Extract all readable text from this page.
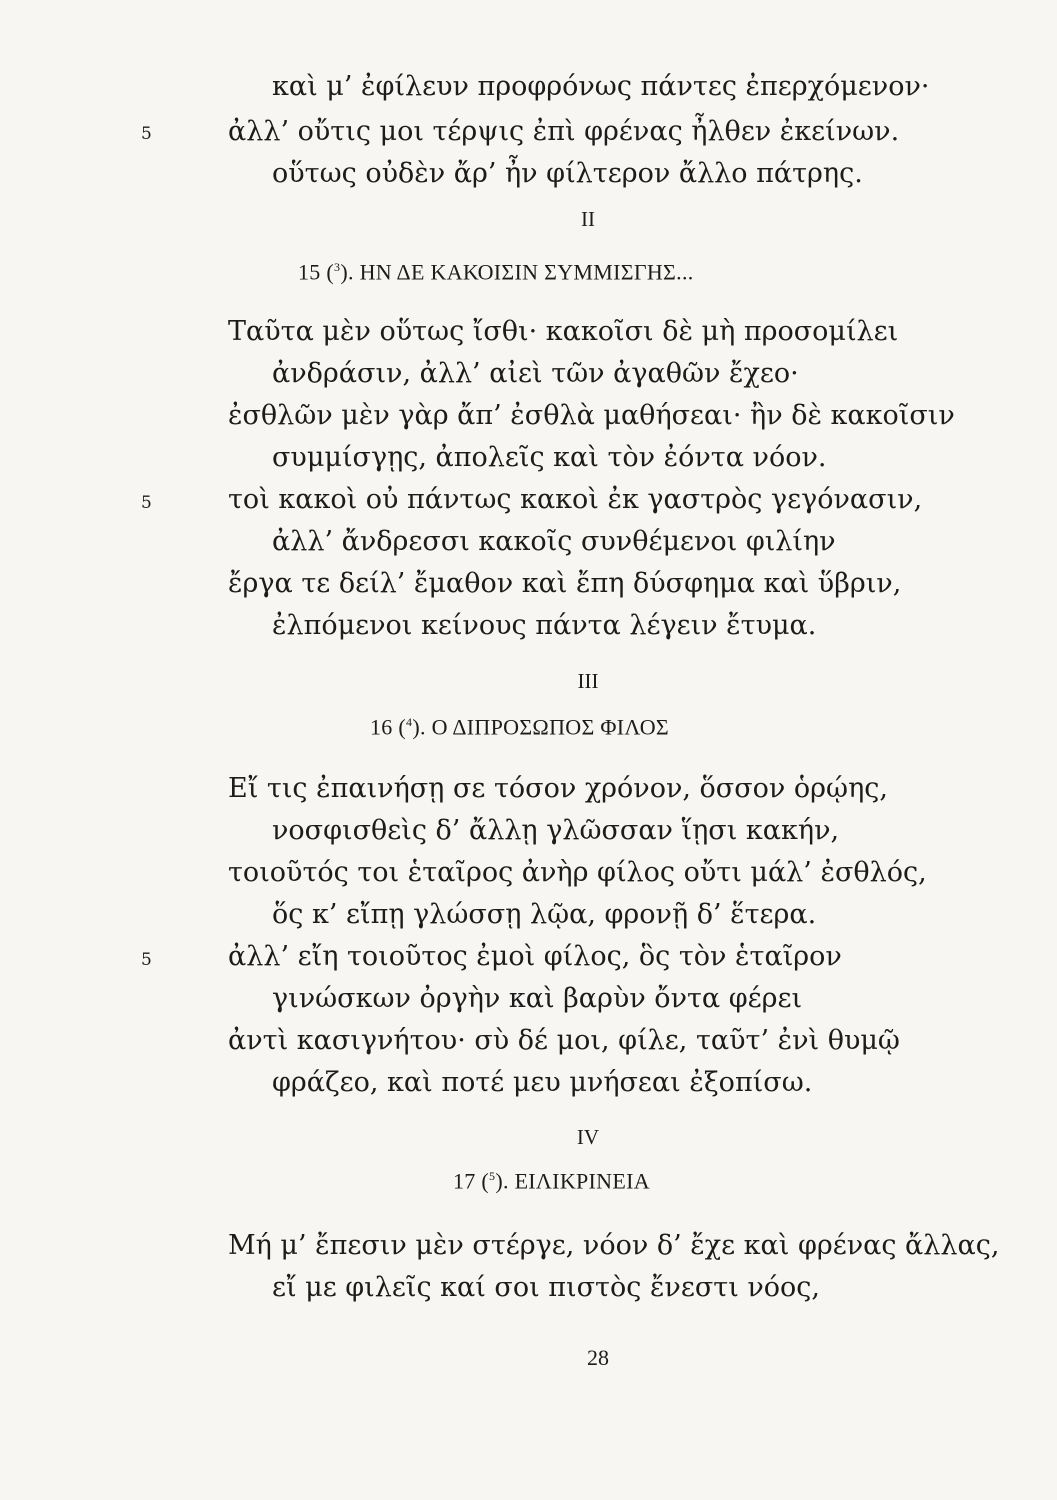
καὶ μ’ ἐφίλευν προφρόνως πάντες ἐπερχόμενον·
5	ἀλλ’ οὔτις μοι τέρψις ἐπὶ φρένας ἦλθεν ἐκείνων.
οὕτως οὐδὲν ἄρ’ ἦν φίλτερον ἄλλο πάτρης.
II
15 ($^3$). ΗΝ ΔΕ ΚΑΚΟΙΣΙΝ ΣΥΜΜΙΣΓΗΣ...
Ταῦτα μὲν οὕτως ἴσθι· κακοῖσι δὲ μὴ προσομίλει
ἀνδράσιν, ἀλλ’ αἰεὶ τῶν ἀγαθῶν ἔχεο·
ἐσθλῶν μὲν γὰρ ἄπ’ ἐσθλὰ μαθήσεαι· ἢν δὲ κακοῖσιν
συμμίσγῃς, ἀπολεῖς καὶ τὸν ἐόντα νόον.
5	τοὶ κακοὶ οὐ πάντως κακοὶ ἐκ γαστρὸς γεγόνασιν,
ἀλλ’ ἄνδρεσσι κακοῖς συνθέμενοι φιλίην
ἔργα τε δείλ’ ἔμαθον καὶ ἔπη δύσφημα καὶ ὕβριν,
ἐλπόμενοι κείνους πάντα λέγειν ἔτυμα.
III
16 ($^4$). Ο ΔΙΠΡΟΣΩΠΟΣ ΦΙΛΟΣ
Εἴ τις ἐπαινήσῃ σε τόσον χρόνον, ὅσσον ὁρῴης,
νοσφισθεὶς δ’ ἄλλῃ γλῶσσαν ἵῃσι κακήν,
τοιοῦτός τοι ἑταῖρος ἀνὴρ φίλος οὔτι μάλ’ ἐσθλός,
ὅς κ’ εἴπῃ γλώσσῃ λῷα, φρονῇ δ’ ἕτερα.
5	ἀλλ’ εἴη τοιοῦτος ἐμοὶ φίλος, ὃς τὸν ἑταῖρον
γινώσκων ὀργὴν καὶ βαρὺν ὄντα φέρει
ἀντὶ κασιγνήτου· σὺ δέ μοι, φίλε, ταῦτ’ ἐνὶ θυμῷ
φράζεο, καὶ ποτέ μευ μνήσεαι ἐξοπίσω.
IV
17 ($^5$). ΕΙΛΙΚΡΙΝΕΙΑ
Μή μ’ ἔπεσιν μὲν στέργε, νόον δ’ ἔχε καὶ φρένας ἄλλας,
εἴ με φιλεῖς καί σοι πιστὸς ἔνεστι νόος,
28
